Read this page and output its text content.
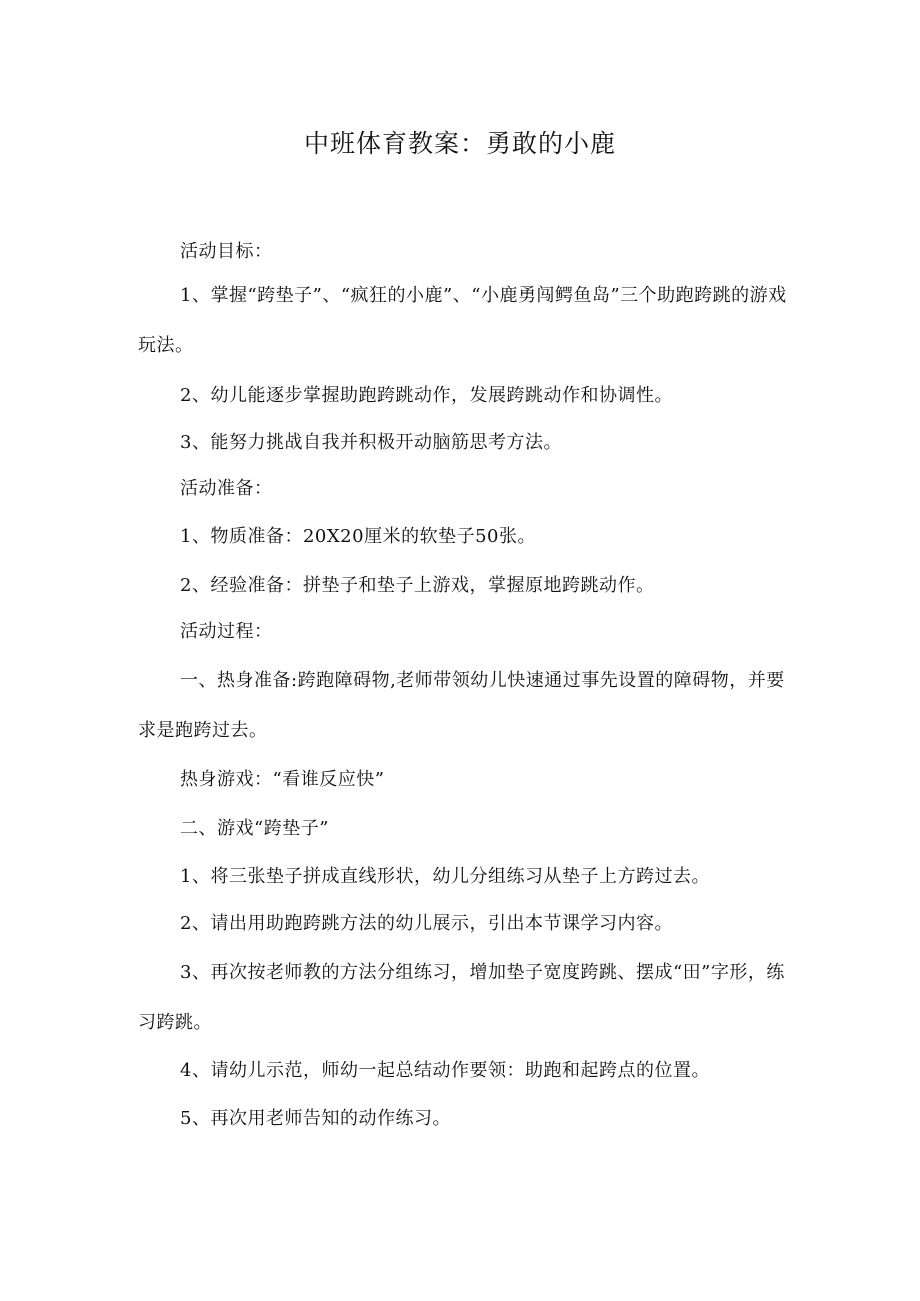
中班体育教案：勇敢的小鹿

活动目标：

1、掌握“跨垫子”、“疯狂的小鹿”、“小鹿勇闯鳄鱼岛”三个助跑跨跳的游戏玩法。

2、幼儿能逐步掌握助跑跨跳动作，发展跨跳动作和协调性。

3、能努力挑战自我并积极开动脑筋思考方法。

活动准备：

1、物质准备：20X20厘米的软垫子50张。

2、经验准备：拼垫子和垫子上游戏，掌握原地跨跳动作。

活动过程：

一、热身准备:跨跑障碍物,老师带领幼儿快速通过事先设置的障碍物，并要求是跑跨过去。

热身游戏：“看谁反应快”

二、游戏“跨垫子”

1、将三张垫子拼成直线形状，幼儿分组练习从垫子上方跨过去。

2、请出用助跑跨跳方法的幼儿展示，引出本节课学习内容。

3、再次按老师教的方法分组练习，增加垫子宽度跨跳、摆成“田”字形，练习跨跳。

4、请幼儿示范，师幼一起总结动作要领：助跑和起跨点的位置。

5、再次用老师告知的动作练习。
